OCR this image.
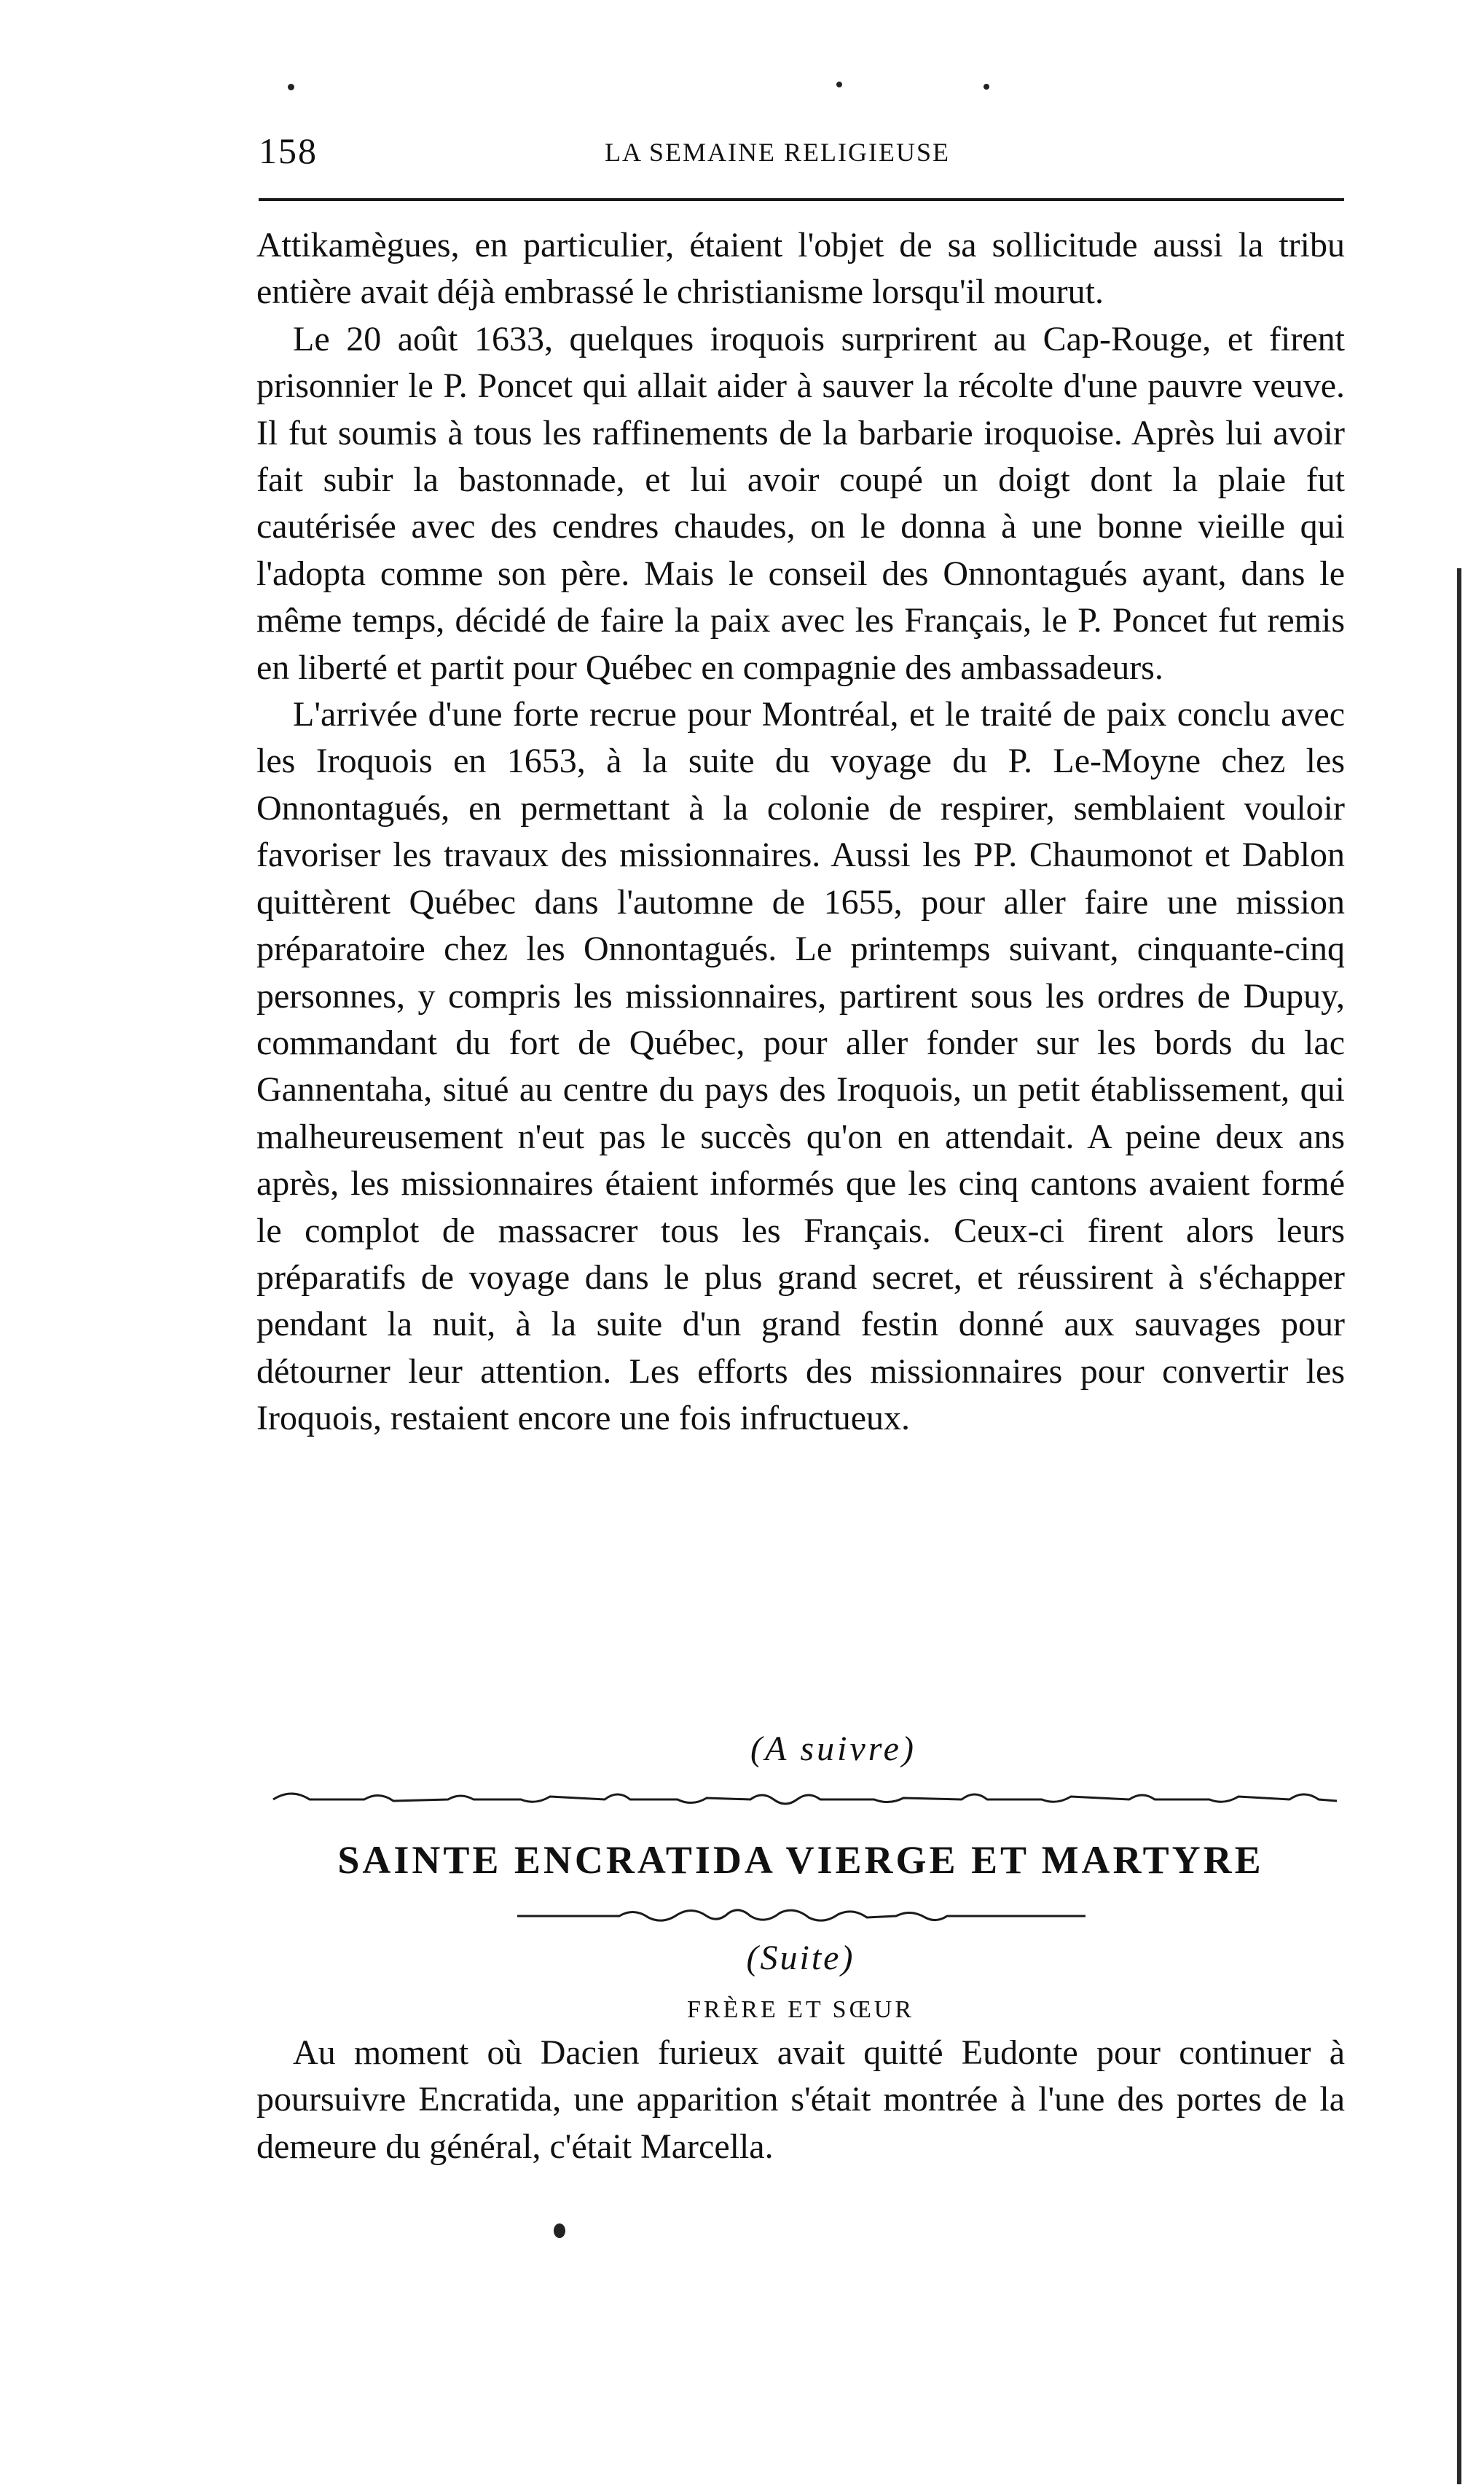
158	LA SEMAINE RELIGIEUSE

Attikamègues, en particulier, étaient l'objet de sa sollicitude aussi la tribu entière avait déjà embrassé le christianisme lorsqu'il mourut.

Le 20 août 1633, quelques iroquois surprirent au Cap-Rouge, et firent prisonnier le P. Poncet qui allait aider à sauver la récolte d'une pauvre veuve. Il fut soumis à tous les raffinements de la barbarie iroquoise. Après lui avoir fait subir la bastonnade, et lui avoir coupé un doigt dont la plaie fut cautérisée avec des cendres chaudes, on le donna à une bonne vieille qui l'adopta comme son père. Mais le conseil des Onnontagués ayant, dans le même temps, décidé de faire la paix avec les Français, le P. Poncet fut remis en liberté et partit pour Québec en compagnie des ambassadeurs.

L'arrivée d'une forte recrue pour Montréal, et le traité de paix conclu avec les Iroquois en 1653, à la suite du voyage du P. Le-Moyne chez les Onnontagués, en permettant à la colonie de respirer, semblaient vouloir favoriser les travaux des missionnaires. Aussi les PP. Chaumonot et Dablon quittèrent Québec dans l'automne de 1655, pour aller faire une mission préparatoire chez les Onnontagués. Le printemps suivant, cinquante-cinq personnes, y compris les missionnaires, partirent sous les ordres de Dupuy, commandant du fort de Québec, pour aller fonder sur les bords du lac Gannentaha, situé au centre du pays des Iroquois, un petit établissement, qui malheureusement n'eut pas le succès qu'on en attendait. A peine deux ans après, les missionnaires étaient informés que les cinq cantons avaient formé le complot de massacrer tous les Français. Ceux-ci firent alors leurs préparatifs de voyage dans le plus grand secret, et réussirent à s'échapper pendant la nuit, à la suite d'un grand festin donné aux sauvages pour détourner leur attention. Les efforts des missionnaires pour convertir les Iroquois, restaient encore une fois infructueux.

(A suivre)
SAINTE ENCRATIDA VIERGE ET MARTYRE
(Suite)
FRÈRE ET SŒUR

Au moment où Dacien furieux avait quitté Eudonte pour continuer à poursuivre Encratida, une apparition s'était montrée à l'une des portes de la demeure du général, c'était Marcella.
